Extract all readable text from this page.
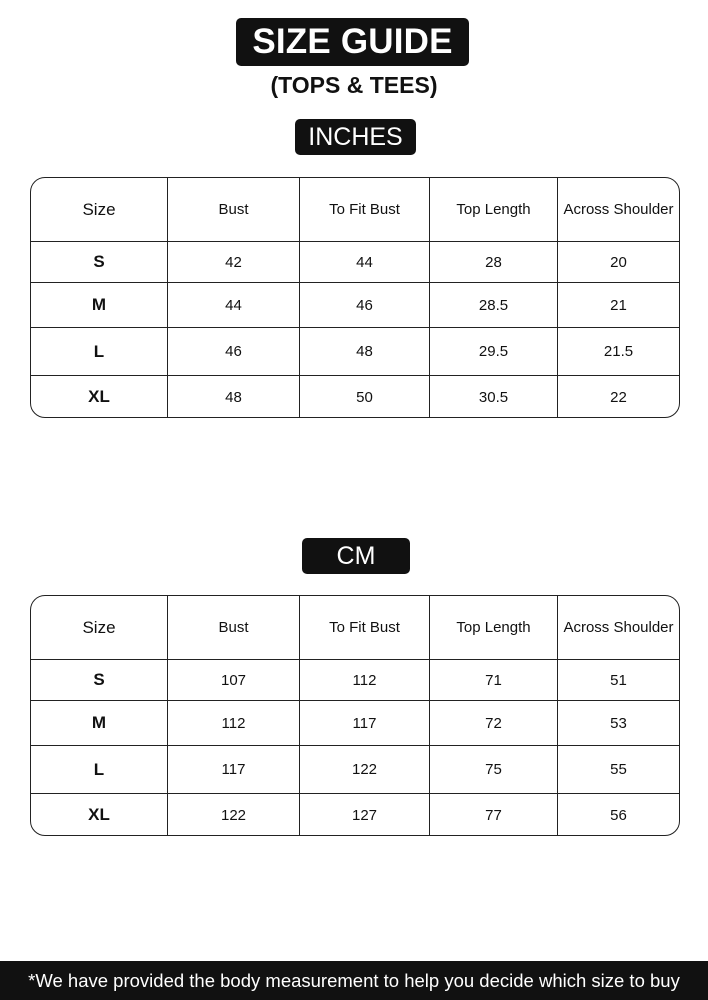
SIZE GUIDE
(TOPS & TEES)
INCHES
Size	Bust	To Fit Bust	Top Length	Across Shoulder
S	42	44	28	20
M	44	46	28.5	21
L	46	48	29.5	21.5
XL	48	50	30.5	22
CM
Size	Bust	To Fit Bust	Top Length	Across Shoulder
S	107	112	71	51
M	112	117	72	53
L	117	122	75	55
XL	122	127	77	56
*We have provided the body measurement to help you decide which size to buy
